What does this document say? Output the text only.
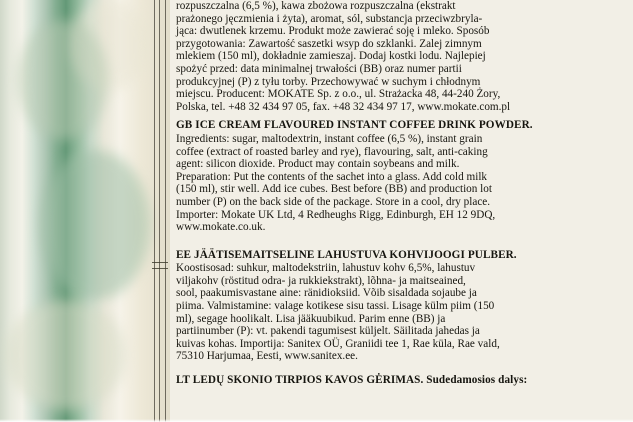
rozpuszczalna (6,5 %), kawa zbożowa rozpuszczalna (ekstrakt
prażonego jęczmienia i żyta), aromat, sól, substancja przeciwzbryla-
jąca: dwutlenek krzemu. Produkt może zawierać soję i mleko. Sposób
przygotowania: Zawartość saszetki wsyp do szklanki. Zalej zimnym
mlekiem (150 ml), dokładnie zamieszaj. Dodaj kostki lodu. Najlepiej
spożyć przed: data minimalnej trwałości (BB) oraz numer partii
produkcyjnej (P) z tyłu torby. Przechowywać w suchym i chłodnym
miejscu. Producent: MOKATE Sp. z o.o., ul. Strażacka 48, 44-240 Żory,
Polska, tel. +48 32 434 97 05, fax. +48 32 434 97 17, www.mokate.com.pl
GB ICE CREAM FLAVOURED INSTANT COFFEE DRINK POWDER.
Ingredients: sugar, maltodextrin, instant coffee (6,5 %), instant grain
coffee (extract of roasted barley and rye), flavouring, salt, anti-caking
agent: silicon dioxide. Product may contain soybeans and milk.
Preparation: Put the contents of the sachet into a glass. Add cold milk
(150 ml), stir well. Add ice cubes. Best before (BB) and production lot
number (P) on the back side of the package. Store in a cool, dry place.
Importer: Mokate UK Ltd, 4 Redheughs Rigg, Edinburgh, EH 12 9DQ,
www.mokate.co.uk.
EE JÄÄTISEMAITSELINE LAHUSTUVA KOHVIJOOGI PULBER.
Koostisosad: suhkur, maltodekstriin, lahustuv kohv 6,5%, lahustuv
viljakohv (röstitud odra- ja rukkiekstrakt), lõhna- ja maitseained,
sool, paakumisvastane aine: ränidioksiid. Võib sisaldada sojaube ja
piima. Valmistamine: valage kotikese sisu tassi. Lisage külm piim (150
ml), segage hoolikalt. Lisa jääkuubikud. Parim enne (BB) ja
partiinumber (P): vt. pakendi tagumisest küljelt. Säilitada jahedas ja
kuivas kohas. Importija: Sanitex OÜ, Graniidi tee 1, Rae küla, Rae vald,
75310 Harjumaa, Eesti, www.sanitex.ee.
LT LEDŲ SKONIO TIRPIOS KAVOS GĖRIMAS. Sudedamosios dalys:
